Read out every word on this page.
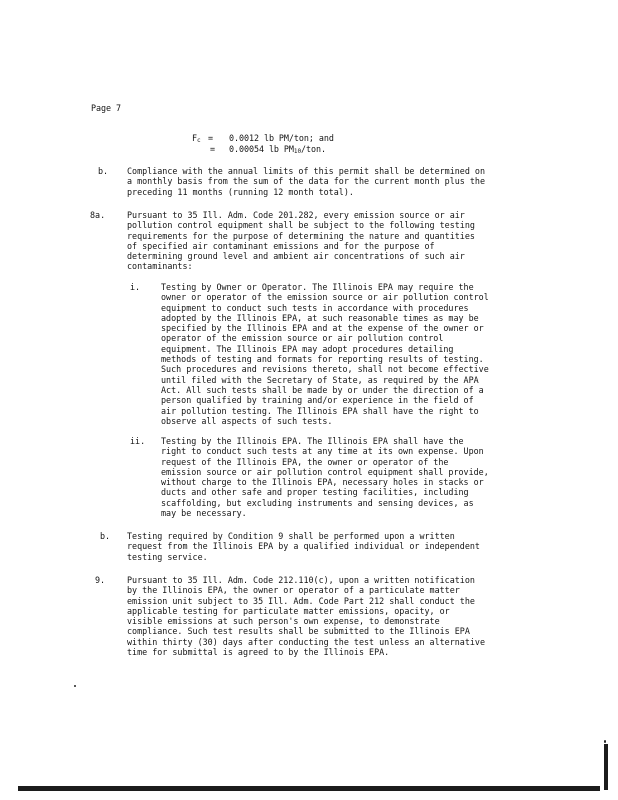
Page 7
Fc = 0.0012 lb PM/ton; and
= 0.00054 lb PM10/ton.
b. Compliance with the annual limits of this permit shall be determined on
a monthly basis from the sum of the data for the current month plus the
preceding 11 months (running 12 month total).
8a.	Pursuant to 35 Ill. Adm. Code 201.282, every emission source or air
pollution control equipment shall be subject to the following testing
requirements for the purpose of determining the nature and quantities
of specified air contaminant emissions and for the purpose of
determining ground level and ambient air concentrations of such air
contaminants:
i. Testing by Owner or Operator. The Illinois EPA may require the
owner or operator of the emission source or air pollution control
equipment to conduct such tests in accordance with procedures
adopted by the Illinois EPA, at such reasonable times as may be
specified by the Illinois EPA and at the expense of the owner or
operator of the emission source or air pollution control
equipment. The Illinois EPA may adopt procedures detailing
methods of testing and formats for reporting results of testing.
Such procedures and revisions thereto, shall not become effective
until filed with the Secretary of State, as required by the APA
Act. All such tests shall be made by or under the direction of a
person qualified by training and/or experience in the field of
air pollution testing. The Illinois EPA shall have the right to
observe all aspects of such tests.
ii. Testing by the Illinois EPA. The Illinois EPA shall have the
right to conduct such tests at any time at its own expense. Upon
request of the Illinois EPA, the owner or operator of the
emission source or air pollution control equipment shall provide,
without charge to the Illinois EPA, necessary holes in stacks or
ducts and other safe and proper testing facilities, including
scaffolding, but excluding instruments and sensing devices, as
may be necessary.
b. Testing required by Condition 9 shall be performed upon a written
request from the Illinois EPA by a qualified individual or independent
testing service.
9.	Pursuant to 35 Ill. Adm. Code 212.110(c), upon a written notification
by the Illinois EPA, the owner or operator of a particulate matter
emission unit subject to 35 Ill. Adm. Code Part 212 shall conduct the
applicable testing for particulate matter emissions, opacity, or
visible emissions at such person's own expense, to demonstrate
compliance. Such test results shall be submitted to the Illinois EPA
within thirty (30) days after conducting the test unless an alternative
time for submittal is agreed to by the Illinois EPA.
